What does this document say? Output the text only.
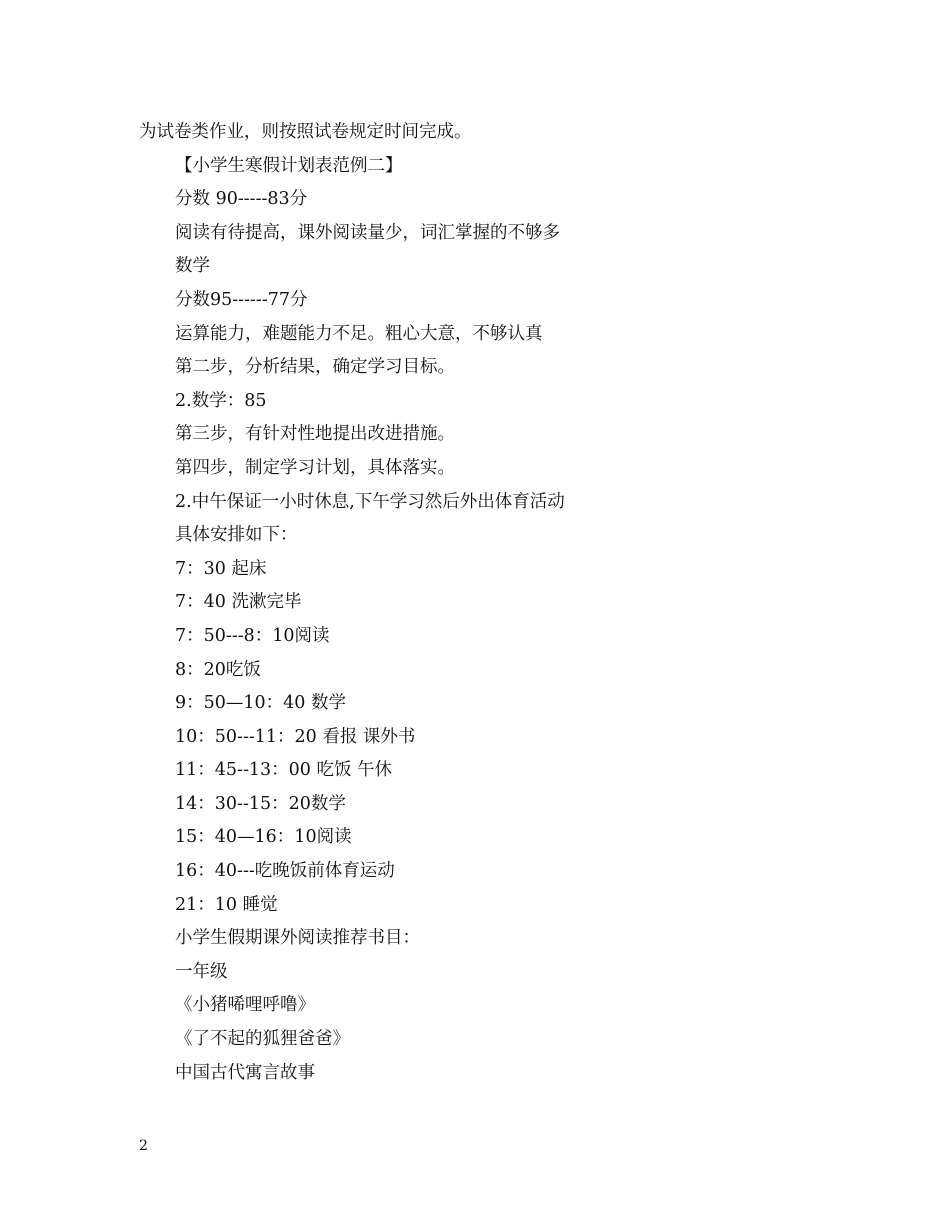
为试卷类作业，则按照试卷规定时间完成。
【小学生寒假计划表范例二】
分数 90-----83分
阅读有待提高，课外阅读量少，词汇掌握的不够多
数学
分数95------77分
运算能力，难题能力不足。粗心大意，不够认真
第二步，分析结果，确定学习目标。
2.数学：85
第三步，有针对性地提出改进措施。
第四步，制定学习计划，具体落实。
2.中午保证一小时休息,下午学习然后外出体育活动
具体安排如下：
7：30 起床
7：40 洗漱完毕
7：50---8：10阅读
8：20吃饭
9：50—10：40 数学
10：50---11：20 看报 课外书
11：45--13：00 吃饭 午休
14：30--15：20数学
15：40—16：10阅读
16：40---吃晚饭前体育运动
21：10 睡觉
小学生假期课外阅读推荐书目：
一年级
《小猪唏哩呼噜》
《了不起的狐狸爸爸》
中国古代寓言故事
2
